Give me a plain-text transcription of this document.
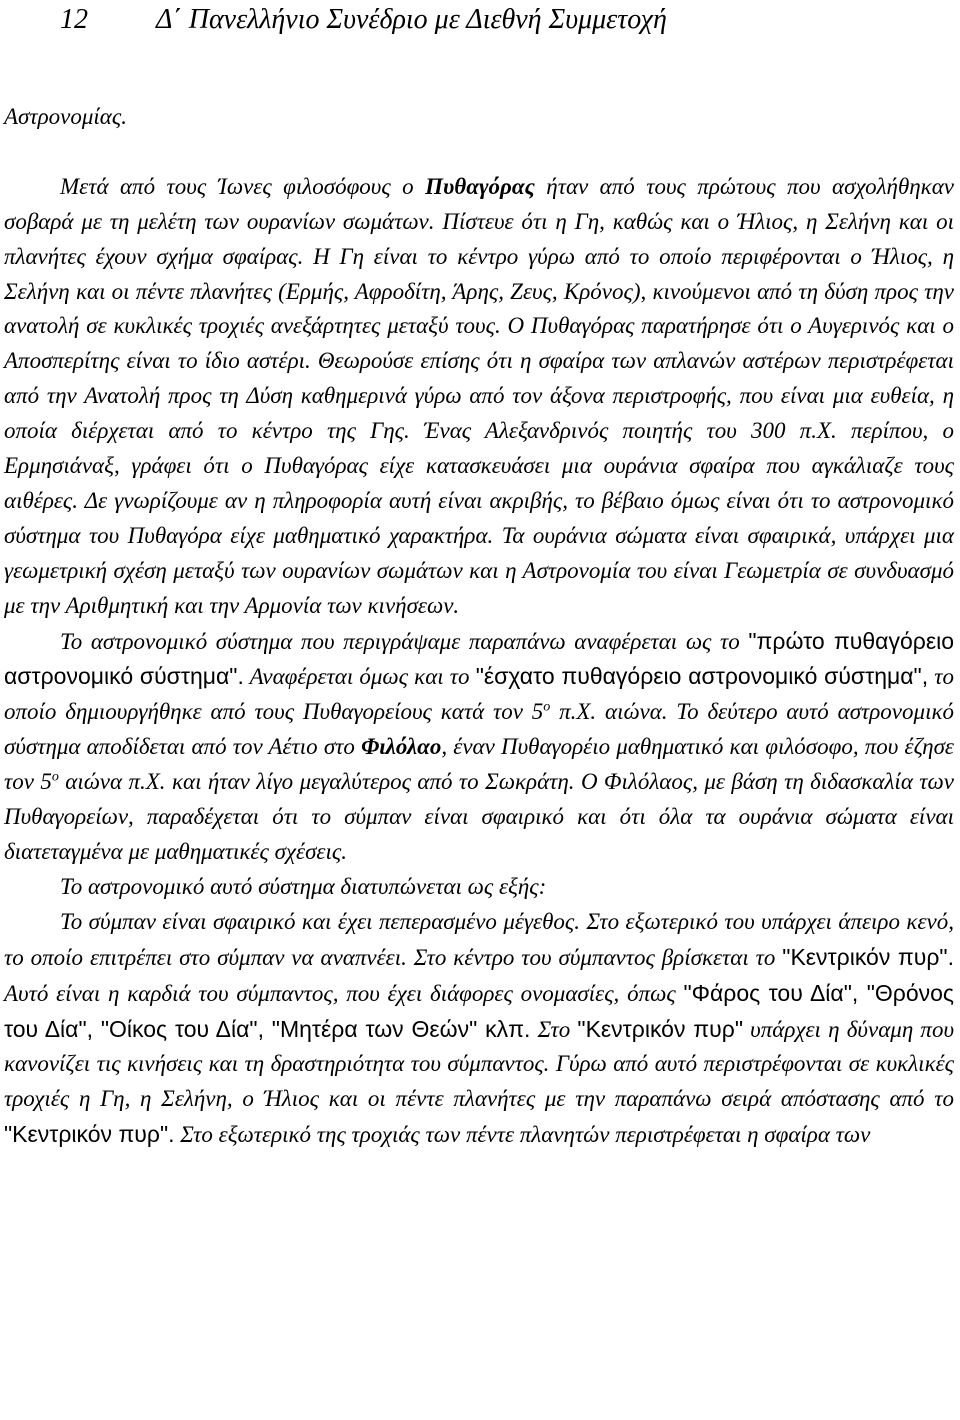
12 Δ΄ Πανελλήνιο Συνέδριο με Διεθνή Συμμετοχή

Αστρονομίας.

Μετά από τους Ίωνες φιλοσόφους ο Πυθαγόρας ήταν από τους πρώτους που ασχολήθηκαν σοβαρά με τη μελέτη των ουρανίων σωμάτων. Πίστευε ότι η Γη, καθώς και ο Ήλιος, η Σελήνη και οι πλανήτες έχουν σχήμα σφαίρας. Η Γη είναι το κέντρο γύρω από το οποίο περιφέρονται ο Ήλιος, η Σελήνη και οι πέντε πλανήτες (Ερμής, Αφροδίτη, Άρης, Ζευς, Κρόνος), κινούμενοι από τη δύση προς την ανατολή σε κυκλικές τροχιές ανεξάρτητες μεταξύ τους. Ο Πυθαγόρας παρατήρησε ότι ο Αυγερινός και ο Αποσπερίτης είναι το ίδιο αστέρι. Θεωρούσε επίσης ότι η σφαίρα των απλανών αστέρων περιστρέφεται από την Ανατολή προς τη Δύση καθημερινά γύρω από τον άξονα περιστροφής, που είναι μια ευθεία, η οποία διέρχεται από το κέντρο της Γης. Ένας Αλεξανδρινός ποιητής του 300 π.Χ. περίπου, ο Ερμησιάναξ, γράφει ότι ο Πυθαγόρας είχε κατασκευάσει μια ουράνια σφαίρα που αγκάλιαζε τους αιθέρες. Δε γνωρίζουμε αν η πληροφορία αυτή είναι ακριβής, το βέβαιο όμως είναι ότι το αστρονομικό σύστημα του Πυθαγόρα είχε μαθηματικό χαρακτήρα. Τα ουράνια σώματα είναι σφαιρικά, υπάρχει μια γεωμετρική σχέση μεταξύ των ουρανίων σωμάτων και η Αστρονομία του είναι Γεωμετρία σε συνδυασμό με την Αριθμητική και την Αρμονία των κινήσεων.

Το αστρονομικό σύστημα που περιγράψαμε παραπάνω αναφέρεται ως το "πρώτο πυθαγόρειο αστρονομικό σύστημα". Αναφέρεται όμως και το "έσχατο πυθαγόρειο αστρονομικό σύστημα", το οποίο δημιουργήθηκε από τους Πυθαγορείους κατά τον $5^o$ π.Χ. αιώνα. Το δεύτερο αυτό αστρονομικό σύστημα αποδίδεται από τον Αέτιο στο Φιλόλαο, έναν Πυθαγορέιο μαθηματικό και φιλόσοφο, που έζησε τον $5^o$ αιώνα π.Χ. και ήταν λίγο μεγαλύτερος από το Σωκράτη. Ο Φιλόλαος, με βάση τη διδασκαλία των Πυθαγορείων, παραδέχεται ότι το σύμπαν είναι σφαιρικό και ότι όλα τα ουράνια σώματα είναι διατεταγμένα με μαθηματικές σχέσεις.

Το αστρονομικό αυτό σύστημα διατυπώνεται ως εξής:

Το σύμπαν είναι σφαιρικό και έχει πεπερασμένο μέγεθος. Στο εξωτερικό του υπάρχει άπειρο κενό, το οποίο επιτρέπει στο σύμπαν να αναπνέει. Στο κέντρο του σύμπαντος βρίσκεται το "Κεντρικόν πυρ". Αυτό είναι η καρδιά του σύμπαντος, που έχει διάφορες ονομασίες, όπως "Φάρος του Δία", "Θρόνος του Δία", "Οίκος του Δία", "Μητέρα των Θεών" κλπ. Στο "Κεντρικόν πυρ" υπάρχει η δύναμη που κανονίζει τις κινήσεις και τη δραστηριότητα του σύμπαντος. Γύρω από αυτό περιστρέφονται σε κυκλικές τροχιές η Γη, η Σελήνη, ο Ήλιος και οι πέντε πλανήτες με την παραπάνω σειρά απόστασης από το "Κεντρικόν πυρ". Στο εξωτερικό της τροχιάς των πέντε πλανητών περιστρέφεται η σφαίρα των
